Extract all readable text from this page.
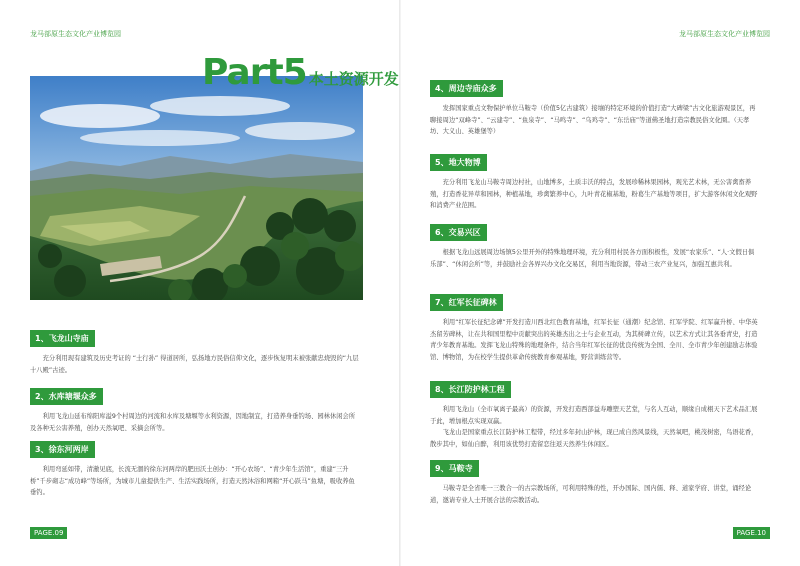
龙马部原生态文化产业博览园	龙马部原生态文化产业博览园
Part5 本土资源开发
1、飞龙山寺庙

充分利用现有建筑及历史考证的 “土行孙” 得道居所，弘扬地方民俗信仰文化，逐步恢复明末被张献忠烧毁的“九层十八殿”古迹。

2、水库塘堰众多

利用飞龙山延布绵阳库溢9个村周边的河流和水库及塘堰等水利资源，因地制宜，打造养身垂钓场、园林休闲会所及各种无公害养殖，创办天然氧吧、采摘会所等。

3、徐东河两岸

利用弯延如带，清澈见底，长流无涸的徐东河两岸的肥田沃土创办：“开心农场”、“青少年生活馆”，重建“三升桥”千步砌志“成功峰”等场所，为城市儿童提供生产、生活实践场所，打造天然沐浴和网箱“开心跃马”鱼塘，吸收养鱼垂钓。

4、周边寺庙众多

发挥国家重点文物保护单位马鞍寺（价值5亿古建筑）接壤的特定环境的价值打造“大碑梁”古文化旅游观景区，再聊接周边“双峰寺”、“云建寺”、“鱼泉寺”、“马鸣寺”、“乌鸡寺”、“东岳庙”等道佛圣地打造宗教民俗文化圈。（天孝坊、大义山、英雄堡等）

5、地大物博

充分利用飞龙山马鞍寺周边村社，山地博多，土质丰沃的特点，发展珍稀林果园林，观光艺术林，无公害禽畜养殖，打造香花异草和园林，种植基地，珍禽繁养中心，九叶青花椒基地，粉葛生产基地等项目，扩大游客休闲文化观野和消费产业范围。

6、交易兴区

根据飞龙山远展周边场镇5公里开外的特殊地理环境，充分利用村民各方面积极性，发展“农家乐”、“人·文假日俱乐部”、“休闲会所”等，并鼓励社会各界兴办文化交易区，利用当地资源，带动三农产业复兴，加强互惠共利。

7、红军长征碑林

利用“红军长征纪念碑”开发打造川西北红色教育基地，红军长征（通潮）纪念馆、红军学院、红军赢升桥、中华英杰留芳碑林，让在共和国里程中贡献突出的英雄杰出之士与企业互动，为其树碑立传，以艺术方式让其各垂青史，打造青少年教育基地。发挥飞龙山特殊的地理条件，结合当年红军长征的优良传统为全国、全川、全市青少年创建励志体验馆、博物馆，为在校学生提供革命传统教育参观基地，野营训练营等。

8、长江防护林工程

利用飞龙山（全市氧离子最高）的资源，开发打造西部益寿雕塑天艺堂，与名人互动，顺缘自成栩天下艺术品汇展于此，增加根点实现双赢。

飞龙山是国家重点长江防护林工程带，经过多年封山护林，现已成自然风景线，天然氧吧，桃茂树密，鸟语花香，散步其中，如仙自醉，利用该优势打造留恋往返天然养生休闲区。

9、马鞍寺

马鞍寺是全省唯一三教合一的古宗教场所，可利用特殊的性，开办国际、国内儒、释、道家学府、讲堂，诵经论道，邀请专业人士开展合法的宗教活动。

PAGE.09	PAGE.10
